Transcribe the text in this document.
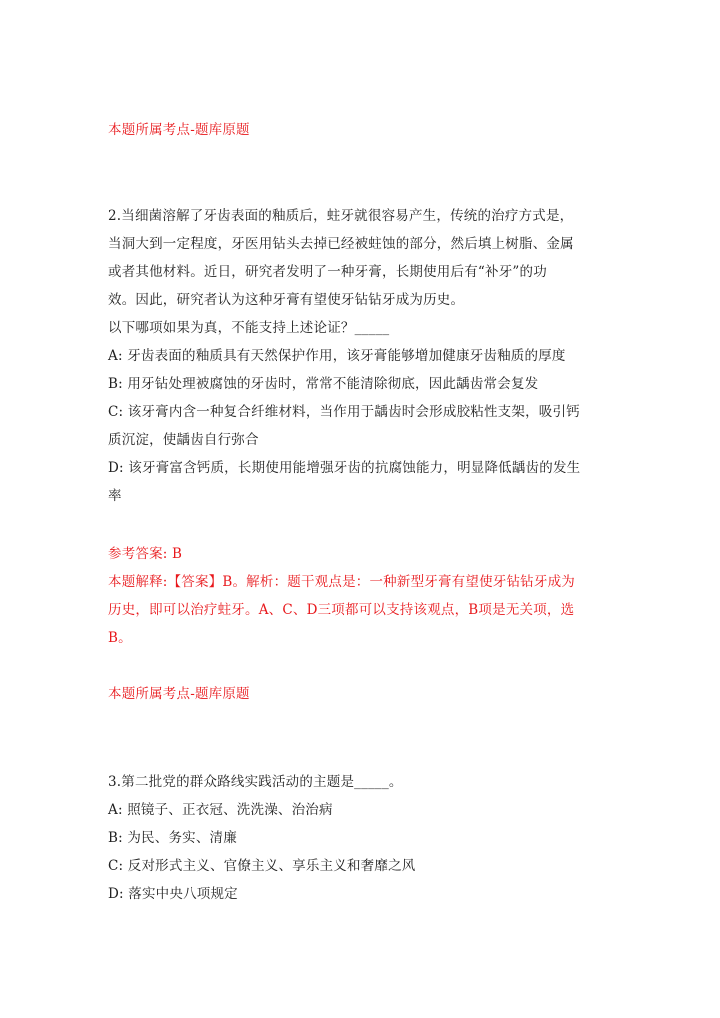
本题所属考点-题库原题
2.当细菌溶解了牙齿表面的釉质后，蛀牙就很容易产生，传统的治疗方式是，
当洞大到一定程度，牙医用钻头去掉已经被蛀蚀的部分，然后填上树脂、金属
或者其他材料。近日，研究者发明了一种牙膏，长期使用后有“补牙”的功
效。因此，研究者认为这种牙膏有望使牙钻钻牙成为历史。
以下哪项如果为真，不能支持上述论证？_____
A: 牙齿表面的釉质具有天然保护作用，该牙膏能够增加健康牙齿釉质的厚度
B: 用牙钻处理被腐蚀的牙齿时，常常不能清除彻底，因此龋齿常会复发
C: 该牙膏内含一种复合纤维材料，当作用于龋齿时会形成胶粘性支架，吸引钙
质沉淀，使龋齿自行弥合
D: 该牙膏富含钙质，长期使用能增强牙齿的抗腐蚀能力，明显降低龋齿的发生
率
参考答案: B
本题解释:【答案】B。解析：题干观点是：一种新型牙膏有望使牙钻钻牙成为
历史，即可以治疗蛀牙。A、C、D三项都可以支持该观点，B项是无关项，选
B。
本题所属考点-题库原题
3.第二批党的群众路线实践活动的主题是_____。
A: 照镜子、正衣冠、洗洗澡、治治病
B: 为民、务实、清廉
C: 反对形式主义、官僚主义、享乐主义和奢靡之风
D: 落实中央八项规定
